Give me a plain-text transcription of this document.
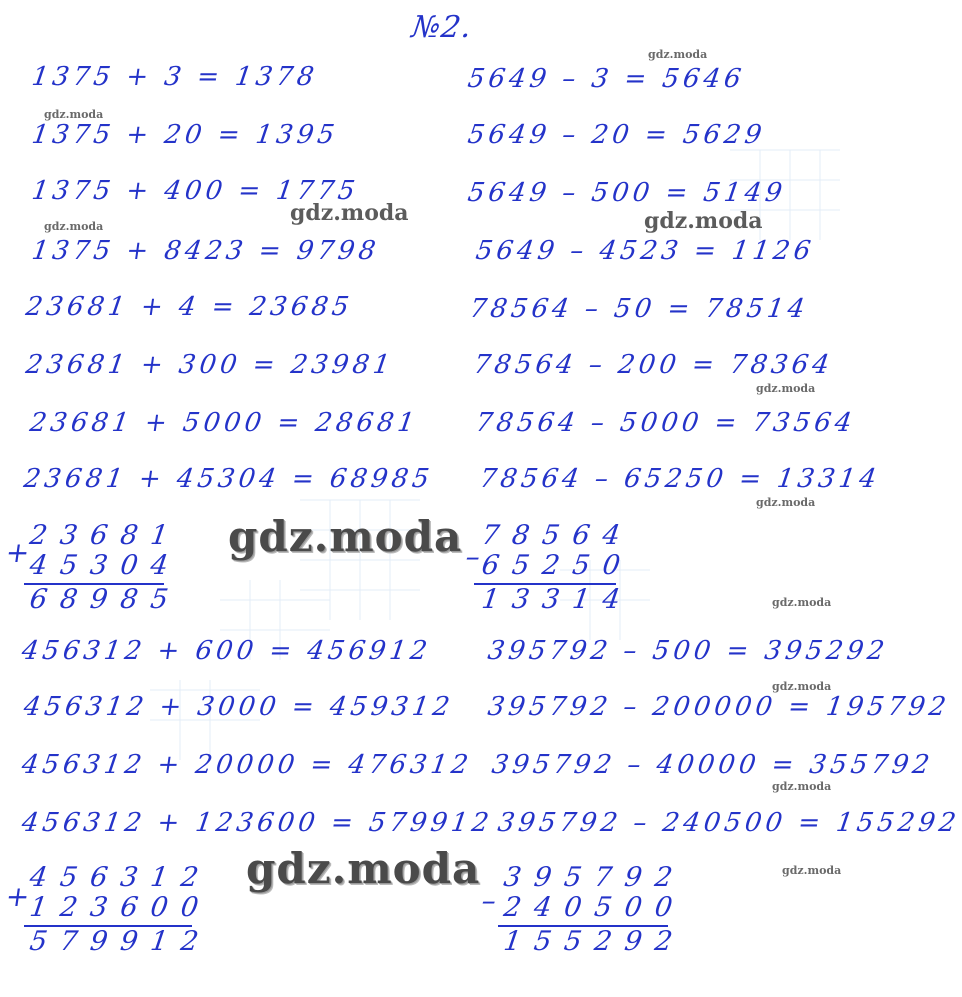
№2.
1375 + 3 = 1378
1375 + 20 = 1395
1375 + 400 = 1775
1375 + 8423 = 9798
23681 + 4 = 23685
23681 + 300 = 23981
23681 + 5000 = 28681
23681 + 45304 = 68985
+
23681
45304
68985
456312 + 600 = 456912
456312 + 3000 = 459312
456312 + 20000 = 476312
456312 + 123600 = 579912
+
456312
123600
579912
5649 – 3 = 5646
5649 – 20 = 5629
5649 – 500 = 5149
5649 – 4523 = 1126
78564 – 50 = 78514
78564 – 200 = 78364
78564 – 5000 = 73564
78564 – 65250 = 13314
–
78564
65250
13314
395792 – 500 = 395292
395792 – 200000 = 195792
395792 – 40000 = 355792
395792 – 240500 = 155292
–
395792
240500
155292
gdz.moda
gdz.moda
gdz.moda
gdz.moda
gdz.moda
gdz.moda
gdz.moda
gdz.moda
gdz.moda
gdz.moda	gdz.moda
gdz.moda
gdz.moda
